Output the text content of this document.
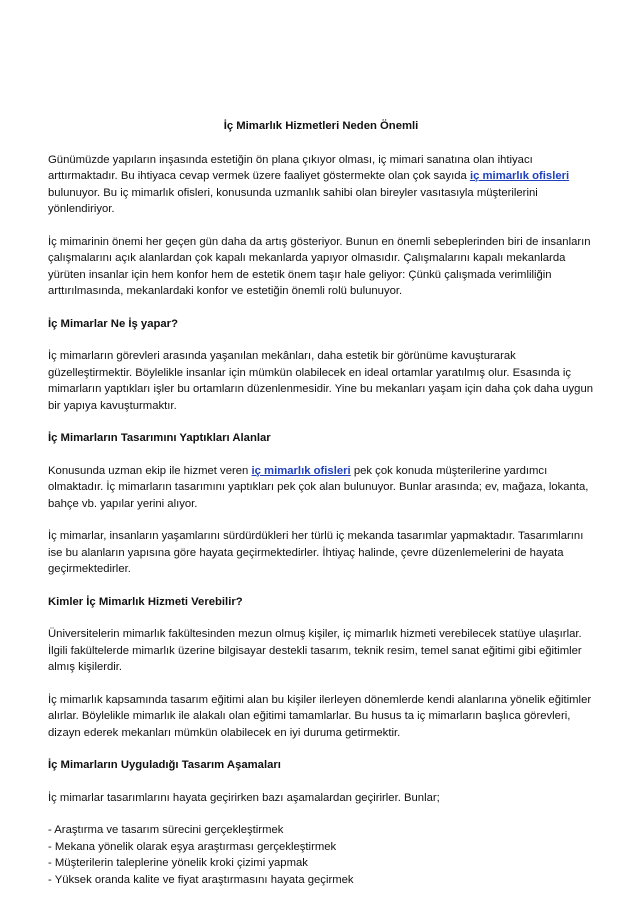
İç Mimarlık Hizmetleri Neden Önemli

Günümüzde yapıların inşasında estetiğin ön plana çıkıyor olması, iç mimari sanatına olan ihtiyacı arttırmaktadır. Bu ihtiyaca cevap vermek üzere faaliyet göstermekte olan çok sayıda iç mimarlık ofisleri bulunuyor. Bu iç mimarlık ofisleri, konusunda uzmanlık sahibi olan bireyler vasıtasıyla müşterilerini yönlendiriyor.

İç mimarinin önemi her geçen gün daha da artış gösteriyor. Bunun en önemli sebeplerinden biri de insanların çalışmalarını açık alanlardan çok kapalı mekanlarda yapıyor olmasıdır. Çalışmalarını kapalı mekanlarda yürüten insanlar için hem konfor hem de estetik önem taşır hale geliyor: Çünkü çalışmada verimliliğin arttırılmasında, mekanlardaki konfor ve estetiğin önemli rolü bulunuyor.

İç Mimarlar Ne İş yapar?

İç mimarların görevleri arasında yaşanılan mekânları, daha estetik bir görünüme kavuşturarak güzelleştirmektir. Böylelikle insanlar için mümkün olabilecek en ideal ortamlar yaratılmış olur. Esasında iç mimarların yaptıkları işler bu ortamların düzenlenmesidir. Yine bu mekanları yaşam için daha çok daha uygun bir yapıya kavuşturmaktır.

İç Mimarların Tasarımını Yaptıkları Alanlar

Konusunda uzman ekip ile hizmet veren iç mimarlık ofisleri pek çok konuda müşterilerine yardımcı olmaktadır. İç mimarların tasarımını yaptıkları pek çok alan bulunuyor. Bunlar arasında; ev, mağaza, lokanta, bahçe vb. yapılar yerini alıyor.

İç mimarlar, insanların yaşamlarını sürdürdükleri her türlü iç mekanda tasarımlar yapmaktadır. Tasarımlarını ise bu alanların yapısına göre hayata geçirmektedirler. İhtiyaç halinde, çevre düzenlemelerini de hayata geçirmektedirler.

Kimler İç Mimarlık Hizmeti Verebilir?

Üniversitelerin mimarlık fakültesinden mezun olmuş kişiler, iç mimarlık hizmeti verebilecek statüye ulaşırlar. İlgili fakültelerde mimarlık üzerine bilgisayar destekli tasarım, teknik resim, temel sanat eğitimi gibi eğitimler almış kişilerdir.

İç mimarlık kapsamında tasarım eğitimi alan bu kişiler ilerleyen dönemlerde kendi alanlarına yönelik eğitimler alırlar. Böylelikle mimarlık ile alakalı olan eğitimi tamamlarlar. Bu husus ta iç mimarların başlıca görevleri, dizayn ederek mekanları mümkün olabilecek en iyi duruma getirmektir.

İç Mimarların Uyguladığı Tasarım Aşamaları

İç mimarlar tasarımlarını hayata geçirirken bazı aşamalardan geçirirler. Bunlar;

- Araştırma ve tasarım sürecini gerçekleştirmek
- Mekana yönelik olarak eşya araştırması gerçekleştirmek
- Müşterilerin taleplerine yönelik kroki çizimi yapmak
- Yüksek oranda kalite ve fiyat araştırmasını hayata geçirmek
